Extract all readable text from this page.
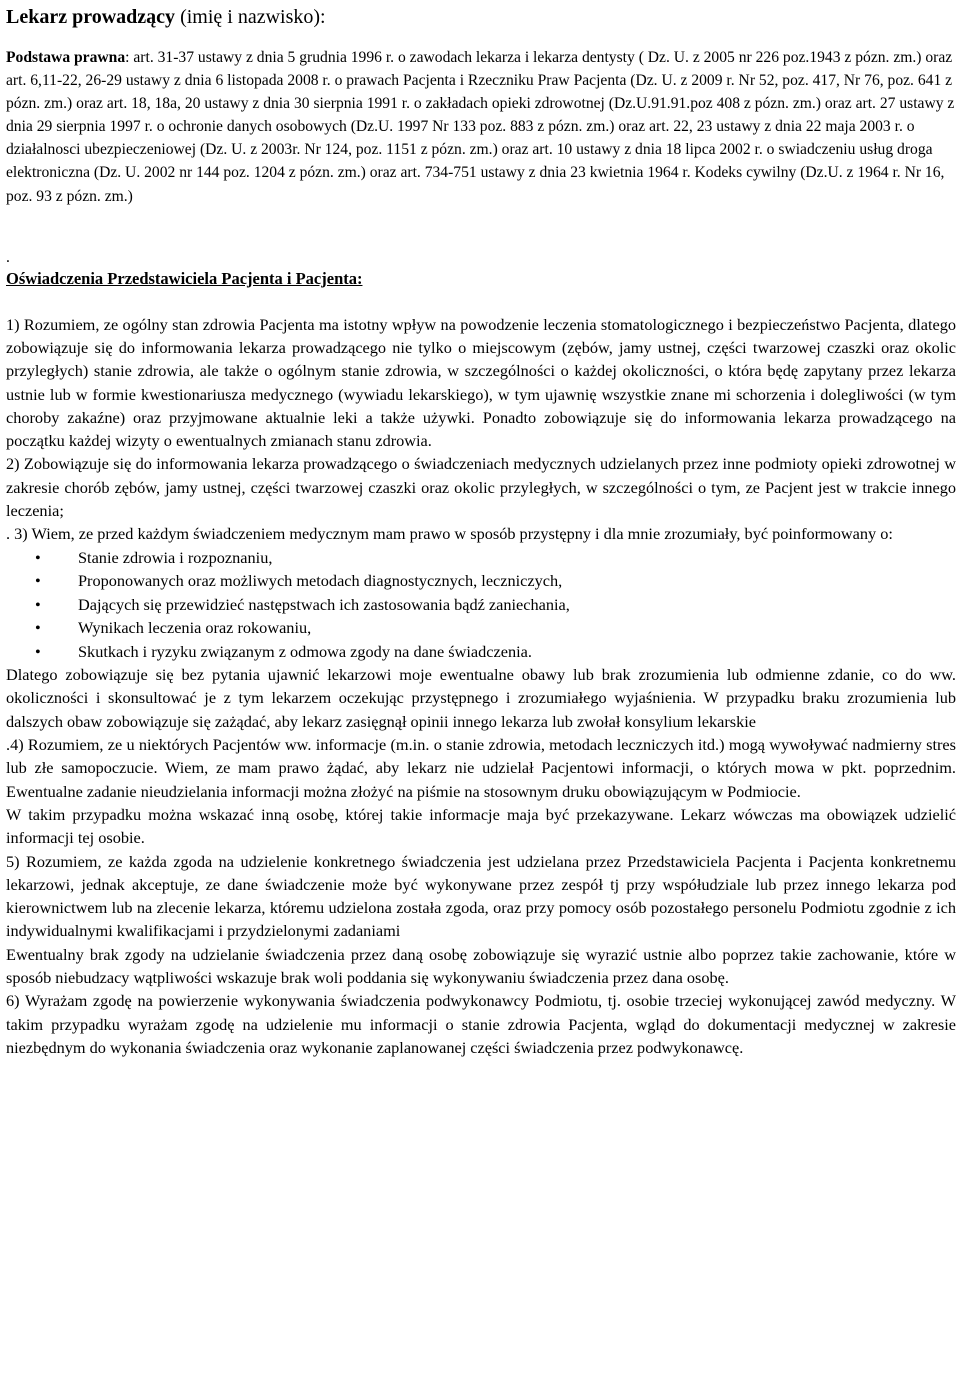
Lekarz prowadzący (imię i nazwisko):

Podstawa prawna: art. 31-37 ustawy z dnia 5 grudnia 1996 r. o zawodach lekarza i lekarza dentysty ( Dz. U. z 2005 nr 226 poz.1943 z pózn. zm.) oraz art. 6,11-22, 26-29 ustawy z dnia 6 listopada 2008 r. o prawach Pacjenta i Rzeczniku Praw Pacjenta (Dz. U. z 2009 r. Nr 52, poz. 417, Nr 76, poz. 641 z pózn. zm.) oraz art. 18, 18a, 20 ustawy z dnia 30 sierpnia 1991 r. o zakładach opieki zdrowotnej (Dz.U.91.91.poz 408 z pózn. zm.) oraz art. 27 ustawy z dnia 29 sierpnia 1997 r. o ochronie danych osobowych (Dz.U. 1997 Nr 133 poz. 883 z pózn. zm.) oraz art. 22, 23 ustawy z dnia 22 maja 2003 r. o działalnosci ubezpieczeniowej (Dz. U. z 2003r. Nr 124, poz. 1151 z pózn. zm.) oraz art. 10 ustawy z dnia 18 lipca 2002 r. o swiadczeniu usług droga elektroniczna (Dz. U. 2002 nr 144 poz. 1204 z pózn. zm.) oraz art. 734-751 ustawy z dnia 23 kwietnia 1964 r. Kodeks cywilny (Dz.U. z 1964 r. Nr 16, poz. 93 z pózn. zm.)

.

Oświadczenia Przedstawiciela Pacjenta i Pacjenta:

1) Rozumiem, ze ogólny stan zdrowia Pacjenta ma istotny wpływ na powodzenie leczenia stomatologicznego i bezpieczeństwo Pacjenta, dlatego zobowiązuje się do informowania lekarza prowadzącego nie tylko o miejscowym (zębów, jamy ustnej, części twarzowej czaszki oraz okolic przyległych) stanie zdrowia, ale także o ogólnym stanie zdrowia, w szczególności o każdej okoliczności, o która będę zapytany przez lekarza ustnie lub w formie kwestionariusza medycznego (wywiadu lekarskiego), w tym ujawnię wszystkie znane mi schorzenia i dolegliwości (w tym choroby zakaźne) oraz przyjmowane aktualnie leki a także używki. Ponadto zobowiązuje się do informowania lekarza prowadzącego na początku każdej wizyty o ewentualnych zmianach stanu zdrowia.

2) Zobowiązuje się do informowania lekarza prowadzącego o świadczeniach medycznych udzielanych przez inne podmioty opieki zdrowotnej w zakresie chorób zębów, jamy ustnej, części twarzowej czaszki oraz okolic przyległych, w szczególności o tym, ze Pacjent jest w trakcie innego leczenia;

. 3) Wiem, ze przed każdym świadczeniem medycznym mam prawo w sposób przystępny i dla mnie zrozumiały, być poinformowany o:

• Stanie zdrowia i rozpoznaniu,
• Proponowanych oraz możliwych metodach diagnostycznych, leczniczych,
• Dających się przewidzieć następstwach ich zastosowania bądź zaniechania,
• Wynikach leczenia oraz rokowaniu,
• Skutkach i ryzyku związanym z odmowa zgody na dane świadczenia.

Dlatego zobowiązuje się bez pytania ujawnić lekarzowi moje ewentualne obawy lub brak zrozumienia lub odmienne zdanie, co do ww. okoliczności i skonsultować je z tym lekarzem oczekując przystępnego i zrozumiałego wyjaśnienia. W przypadku braku zrozumienia lub dalszych obaw zobowiązuje się zażądać, aby lekarz zasięgnął opinii innego lekarza lub zwołał konsylium lekarskie

.4) Rozumiem, ze u niektórych Pacjentów ww. informacje (m.in. o stanie zdrowia, metodach leczniczych itd.) mogą wywoływać nadmierny stres lub złe samopoczucie. Wiem, ze mam prawo żądać, aby lekarz nie udzielał Pacjentowi informacji, o których mowa w pkt. poprzednim. Ewentualne zadanie nieudzielania informacji można złożyć na piśmie na stosownym druku obowiązującym w Podmiocie.

W takim przypadku można wskazać inną osobę, której takie informacje maja być przekazywane. Lekarz wówczas ma obowiązek udzielić informacji tej osobie.

5) Rozumiem, ze każda zgoda na udzielenie konkretnego świadczenia jest udzielana przez Przedstawiciela Pacjenta i Pacjenta konkretnemu lekarzowi, jednak akceptuje, ze dane świadczenie może być wykonywane przez zespół tj przy współudziale lub przez innego lekarza pod kierownictwem lub na zlecenie lekarza, któremu udzielona została zgoda, oraz przy pomocy osób pozostałego personelu Podmiotu zgodnie z ich indywidualnymi kwalifikacjami i przydzielonymi zadaniami

Ewentualny brak zgody na udzielanie świadczenia przez daną osobę zobowiązuje się wyrazić ustnie albo poprzez takie zachowanie, które w sposób niebudzacy wątpliwości wskazuje brak woli poddania się wykonywaniu świadczenia przez dana osobę.

6) Wyrażam zgodę na powierzenie wykonywania świadczenia podwykonawcy Podmiotu, tj. osobie trzeciej wykonującej zawód medyczny. W takim przypadku wyrażam zgodę na udzielenie mu informacji o stanie zdrowia Pacjenta, wgląd do dokumentacji medycznej w zakresie niezbędnym do wykonania świadczenia oraz wykonanie zaplanowanej części świadczenia przez podwykonawcę.
